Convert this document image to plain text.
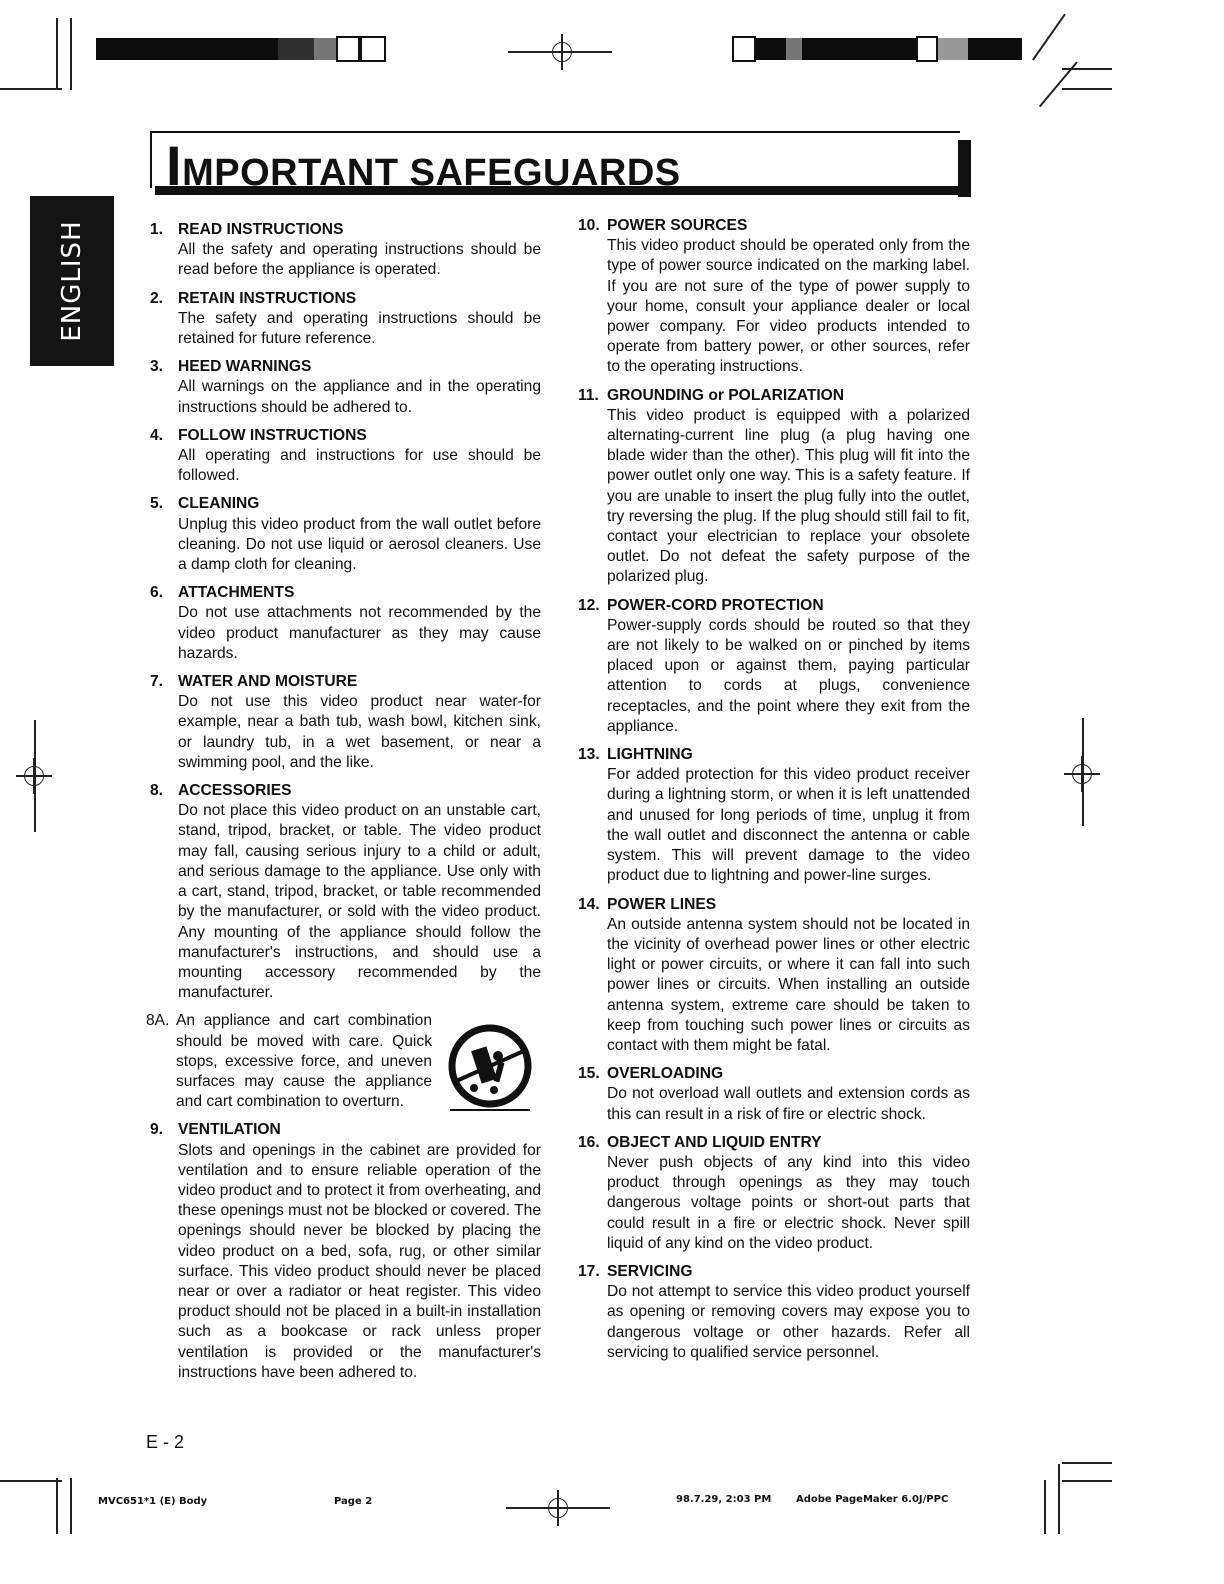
ENGLISH
IMPORTANT SAFEGUARDS
1. READ INSTRUCTIONS
All the safety and operating instructions should be read before the appliance is operated.
2. RETAIN INSTRUCTIONS
The safety and operating instructions should be retained for future reference.
3. HEED WARNINGS
All warnings on the appliance and in the operating instructions should be adhered to.
4. FOLLOW INSTRUCTIONS
All operating and instructions for use should be followed.
5. CLEANING
Unplug this video product from the wall outlet before cleaning. Do not use liquid or aerosol cleaners. Use a damp cloth for cleaning.
6. ATTACHMENTS
Do not use attachments not recommended by the video product manufacturer as they may cause hazards.
7. WATER AND MOISTURE
Do not use this video product near water-for example, near a bath tub, wash bowl, kitchen sink, or laundry tub, in a wet basement, or near a swimming pool, and the like.
8. ACCESSORIES
Do not place this video product on an unstable cart, stand, tripod, bracket, or table. The video product may fall, causing serious injury to a child or adult, and serious damage to the appliance. Use only with a cart, stand, tripod, bracket, or table recommended by the manufacturer, or sold with the video product. Any mounting of the appliance should follow the manufacturer's instructions, and should use a mounting accessory recommended by the manufacturer.
8A. An appliance and cart combination should be moved with care. Quick stops, excessive force, and uneven surfaces may cause the appliance and cart combination to overturn.
9. VENTILATION
Slots and openings in the cabinet are provided for ventilation and to ensure reliable operation of the video product and to protect it from overheating, and these openings must not be blocked or covered. The openings should never be blocked by placing the video product on a bed, sofa, rug, or other similar surface. This video product should never be placed near or over a radiator or heat register. This video product should not be placed in a built-in installation such as a bookcase or rack unless proper ventilation is provided or the manufacturer's instructions have been adhered to.
10. POWER SOURCES
This video product should be operated only from the type of power source indicated on the marking label. If you are not sure of the type of power supply to your home, consult your appliance dealer or local power company. For video products intended to operate from battery power, or other sources, refer to the operating instructions.
11. GROUNDING or POLARIZATION
This video product is equipped with a polarized alternating-current line plug (a plug having one blade wider than the other). This plug will fit into the power outlet only one way. This is a safety feature. If you are unable to insert the plug fully into the outlet, try reversing the plug. If the plug should still fail to fit, contact your electrician to replace your obsolete outlet. Do not defeat the safety purpose of the polarized plug.
12. POWER-CORD PROTECTION
Power-supply cords should be routed so that they are not likely to be walked on or pinched by items placed upon or against them, paying particular attention to cords at plugs, convenience receptacles, and the point where they exit from the appliance.
13. LIGHTNING
For added protection for this video product receiver during a lightning storm, or when it is left unattended and unused for long periods of time, unplug it from the wall outlet and disconnect the antenna or cable system. This will prevent damage to the video product due to lightning and power-line surges.
14. POWER LINES
An outside antenna system should not be located in the vicinity of overhead power lines or other electric light or power circuits, or where it can fall into such power lines or circuits. When installing an outside antenna system, extreme care should be taken to keep from touching such power lines or circuits as contact with them might be fatal.
15. OVERLOADING
Do not overload wall outlets and extension cords as this can result in a risk of fire or electric shock.
16. OBJECT AND LIQUID ENTRY
Never push objects of any kind into this video product through openings as they may touch dangerous voltage points or short-out parts that could result in a fire or electric shock. Never spill liquid of any kind on the video product.
17. SERVICING
Do not attempt to service this video product yourself as opening or removing covers may expose you to dangerous voltage or other hazards. Refer all servicing to qualified service personnel.
E - 2
MVC651*1 (E) Body	Page 2	98.7.29, 2:03 PM Adobe PageMaker 6.0J/PPC
